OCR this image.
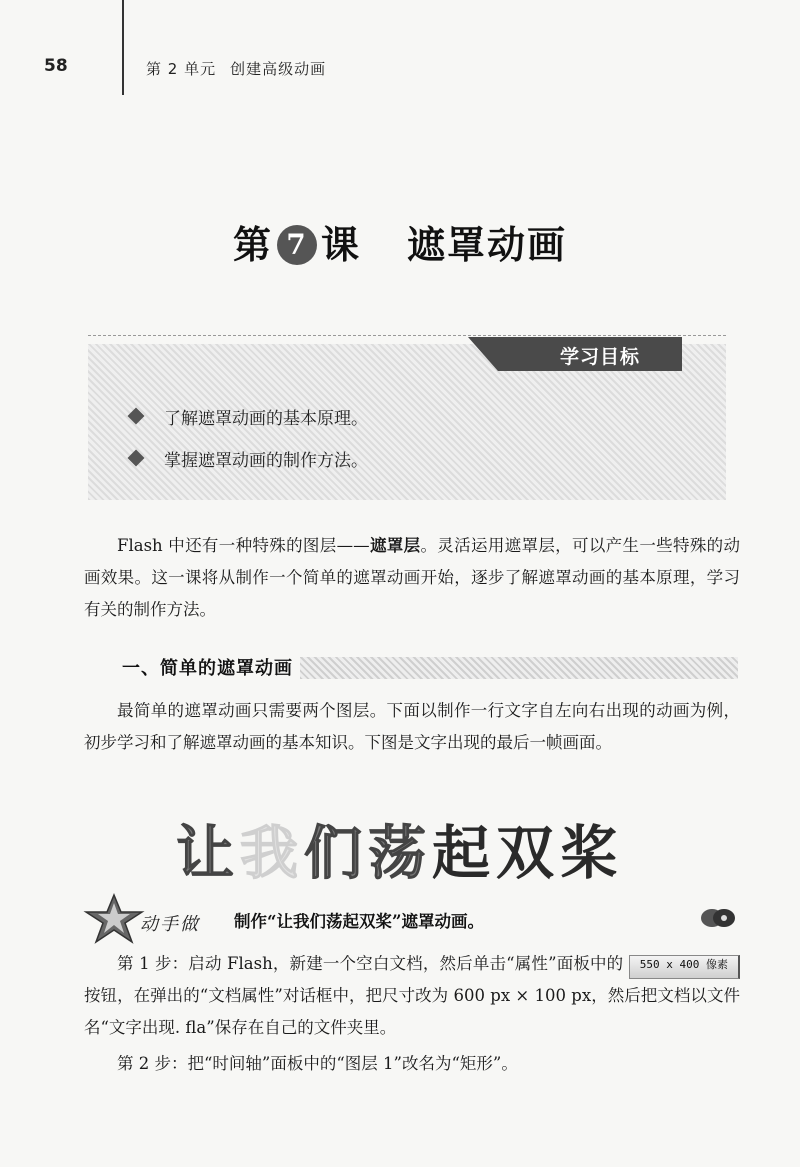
58	第 2 单元 创建高级动画
第 7 课 遮罩动画
学习目标
了解遮罩动画的基本原理。
掌握遮罩动画的制作方法。
Flash 中还有一种特殊的图层——遮罩层。灵活运用遮罩层，可以产生一些特殊的动画效果。这一课将从制作一个简单的遮罩动画开始，逐步了解遮罩动画的基本原理，学习有关的制作方法。
一、简单的遮罩动画
最简单的遮罩动画只需要两个图层。下面以制作一行文字自左向右出现的动画为例，初步学习和了解遮罩动画的基本知识。下图是文字出现的最后一帧画面。
让我们荡起双桨
动手做 制作“让我们荡起双桨”遮罩动画。
第 1 步：启动 Flash，新建一个空白文档，然后单击“属性”面板中的 550 x 400 像素按钮，在弹出的“文档属性”对话框中，把尺寸改为 600 px × 100 px，然后把文档以文件名“文字出现. fla”保存在自己的文件夹里。
第 2 步：把“时间轴”面板中的“图层 1”改名为“矩形”。
